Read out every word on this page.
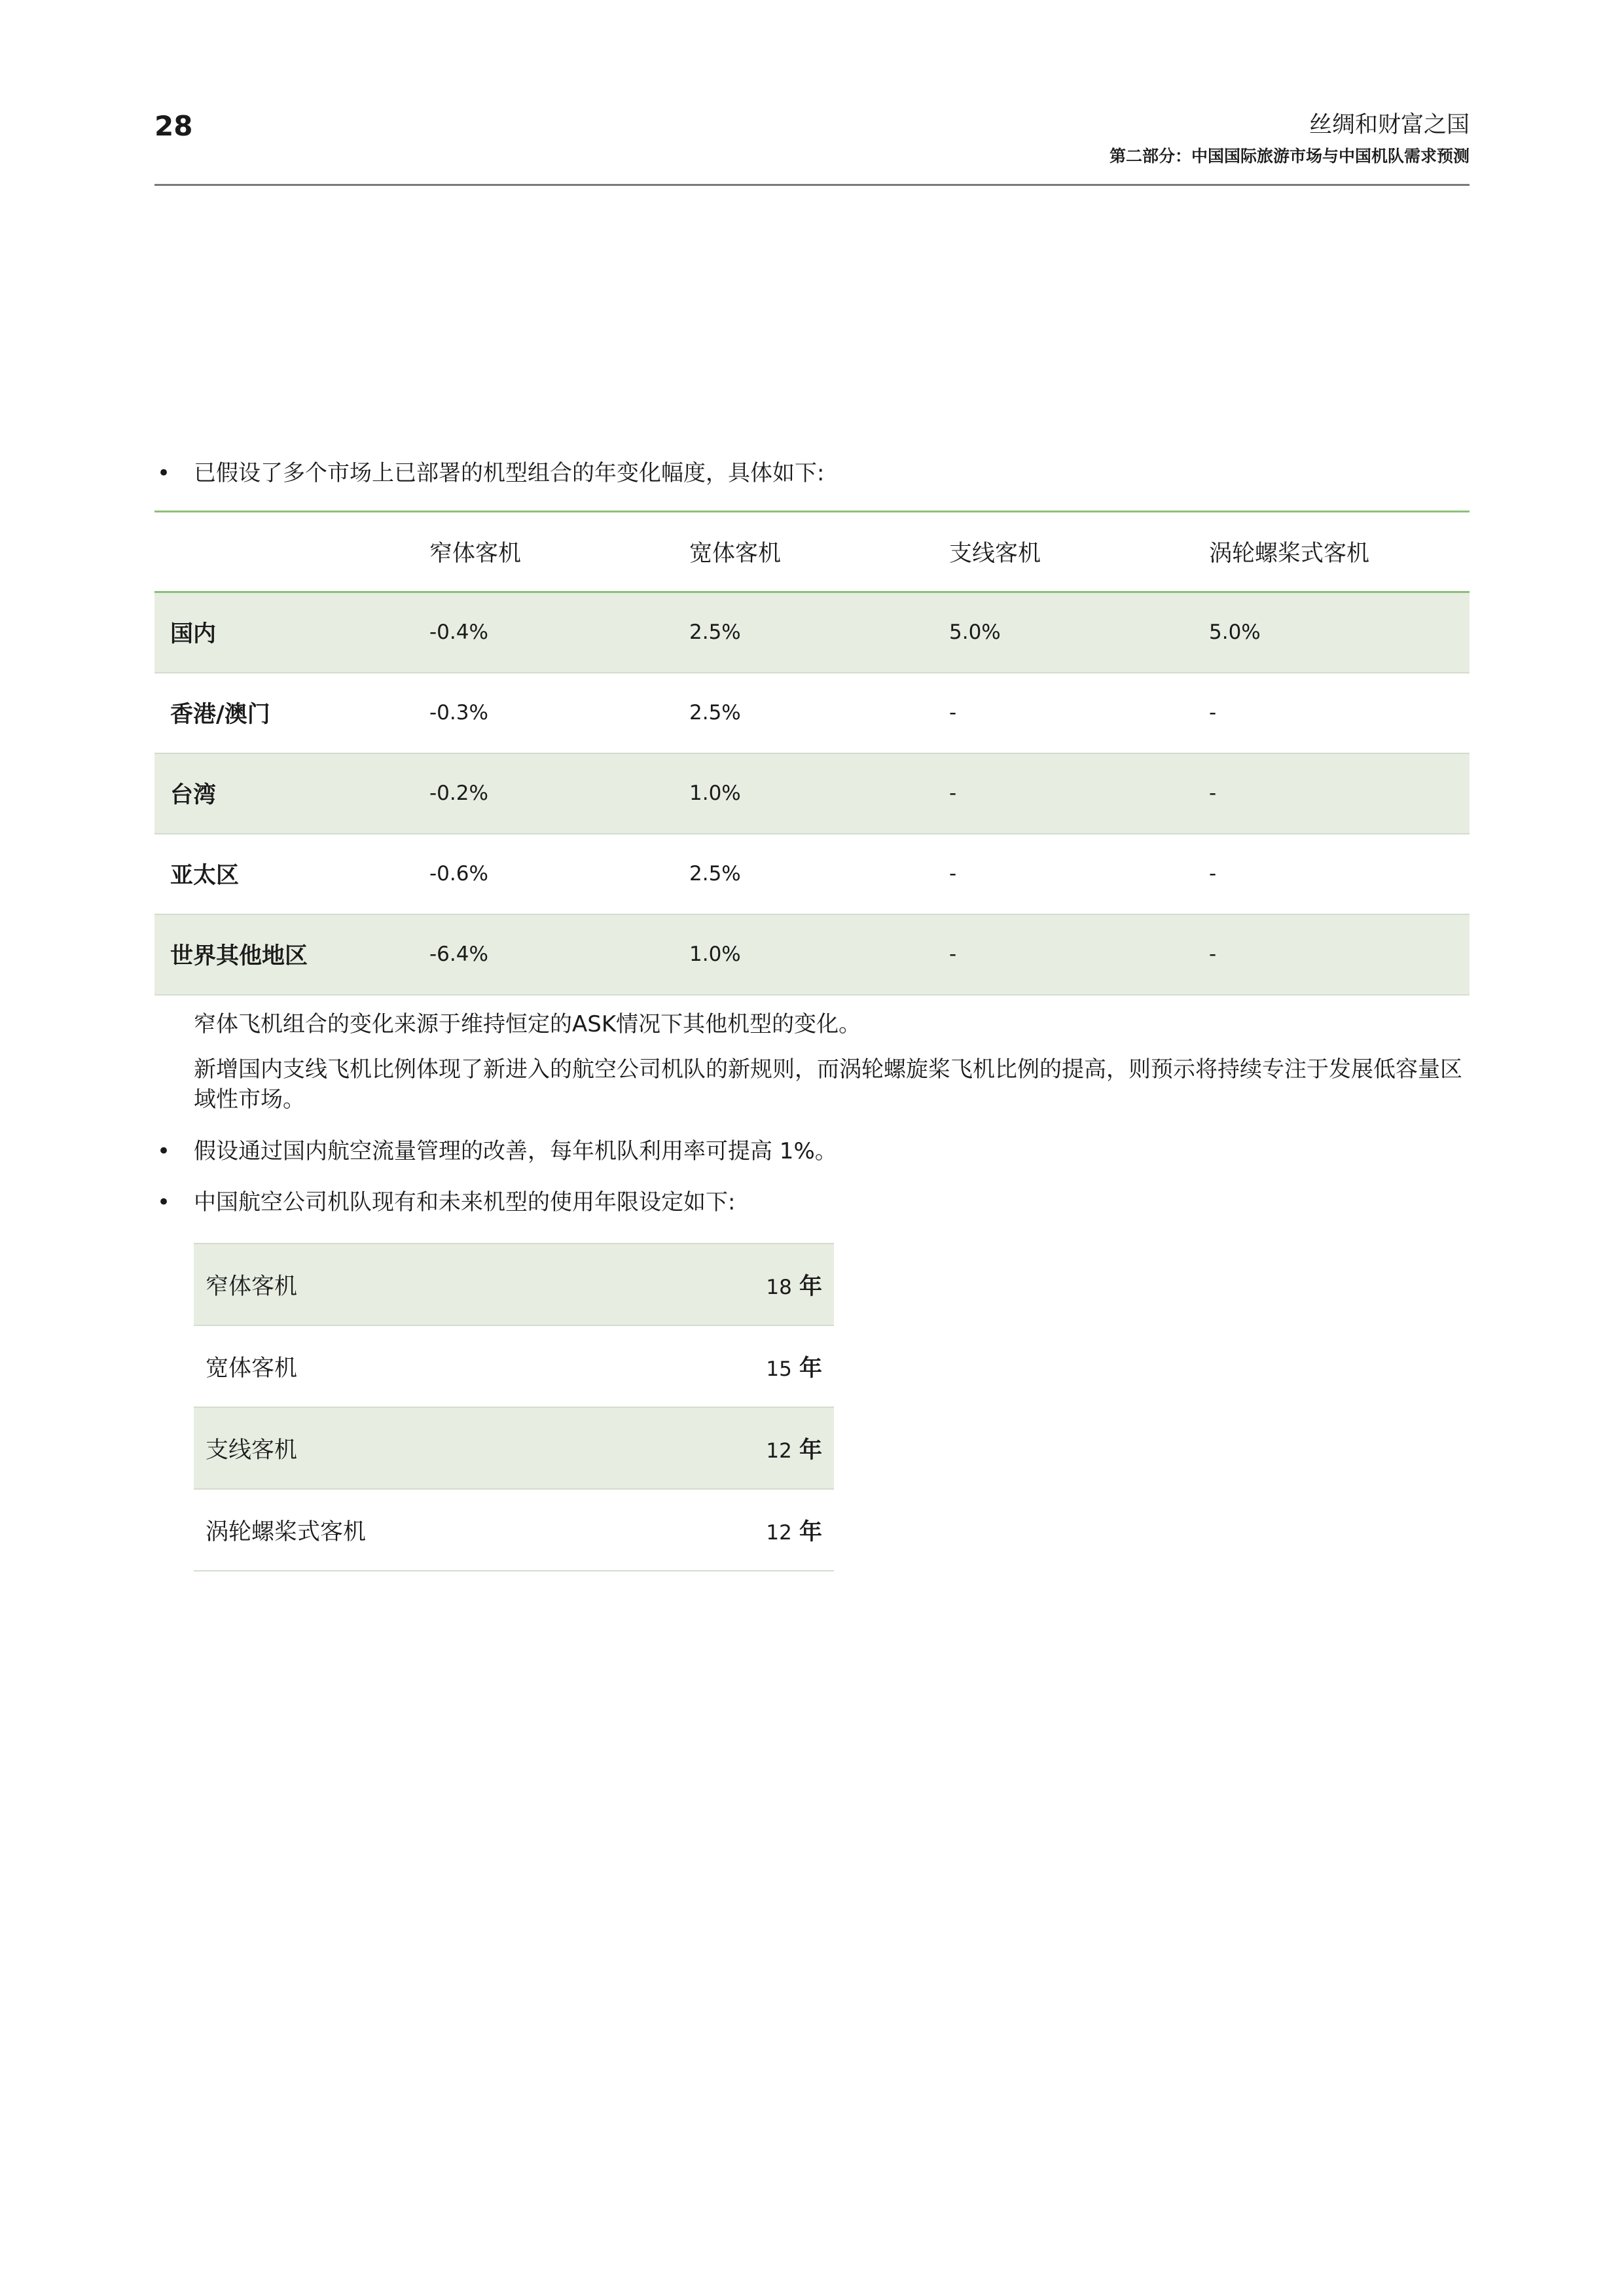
28	丝绸和财富之国
第二部分：中国国际旅游市场与中国机队需求预测
• 已假设了多个市场上已部署的机型组合的年变化幅度，具体如下:
	窄体客机	宽体客机	支线客机	涡轮螺桨式客机
国内	-0.4%	2.5%	5.0%	5.0%
香港/澳门	-0.3%	2.5%	-	-
台湾	-0.2%	1.0%	-	-
亚太区	-0.6%	2.5%	-	-
世界其他地区	-6.4%	1.0%	-	-
窄体飞机组合的变化来源于维持恒定的ASK情况下其他机型的变化。
新增国内支线飞机比例体现了新进入的航空公司机队的新规则，而涡轮螺旋桨飞机比例的提高，则预示将持续专注于发展低容量区域性市场。
• 假设通过国内航空流量管理的改善，每年机队利用率可提高 1%。
• 中国航空公司机队现有和未来机型的使用年限设定如下:
窄体客机	18 年
宽体客机	15 年
支线客机	12 年
涡轮螺桨式客机	12 年
